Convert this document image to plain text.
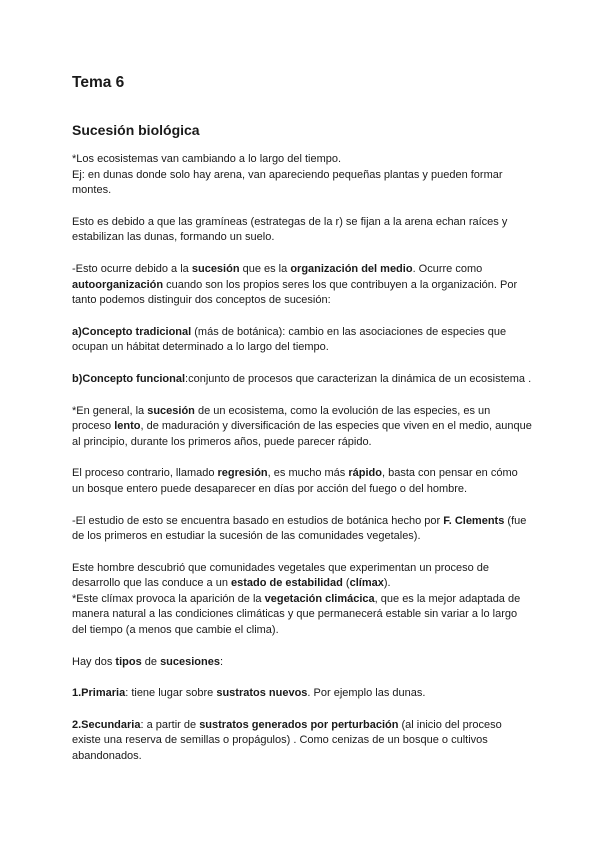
Tema 6
Sucesión biológica

*Los ecosistemas van cambiando a lo largo del tiempo.
Ej: en dunas donde solo hay arena, van apareciendo pequeñas plantas y pueden formar montes.

Esto es debido a que las gramíneas (estrategas de la r) se fijan a la arena echan raíces y estabilizan las dunas, formando un suelo.

-Esto ocurre debido a la sucesión que es la organización del medio. Ocurre como autoorganización cuando son los propios seres los que contribuyen a la organización. Por tanto podemos distinguir dos conceptos de sucesión:

a)Concepto tradicional (más de botánica): cambio en las asociaciones de especies que ocupan un hábitat determinado a lo largo del tiempo.

b)Concepto funcional:conjunto de procesos que caracterizan la dinámica de un ecosistema .

*En general, la sucesión de un ecosistema, como la evolución de las especies, es un proceso lento, de maduración y diversificación de las especies que viven en el medio, aunque al principio, durante los primeros años, puede parecer rápido.

El proceso contrario, llamado regresión, es mucho más rápido, basta con pensar en cómo un bosque entero puede desaparecer en días por acción del fuego o del hombre.

-El estudio de esto se encuentra basado en estudios de botánica hecho por F. Clements (fue de los primeros en estudiar la sucesión de las comunidades vegetales).

Este hombre descubrió que comunidades vegetales que experimentan un proceso de desarrollo que las conduce a un estado de estabilidad (clímax).
*Este clímax provoca la aparición de la vegetación climácica, que es la mejor adaptada de manera natural a las condiciones climáticas y que permanecerá estable sin variar a lo largo del tiempo (a menos que cambie el clima).

Hay dos tipos de sucesiones:

1.Primaria: tiene lugar sobre sustratos nuevos. Por ejemplo las dunas.

2.Secundaria: a partir de sustratos generados por perturbación (al inicio del proceso existe una reserva de semillas o propágulos) . Como cenizas de un bosque o cultivos abandonados.
